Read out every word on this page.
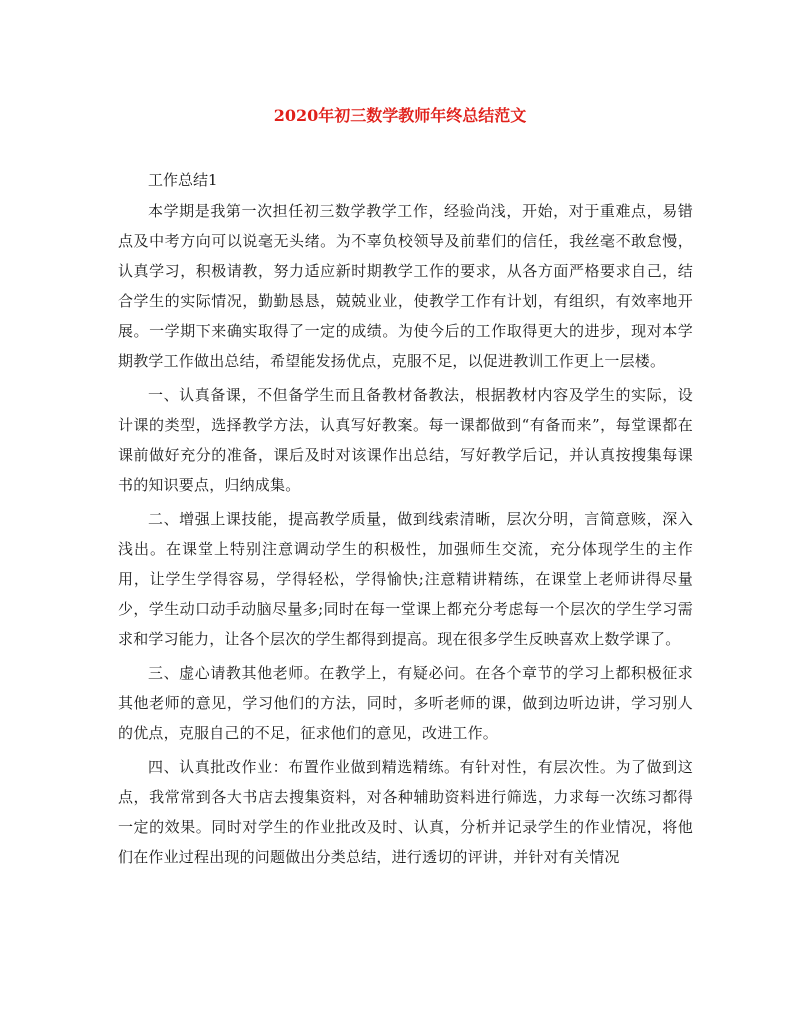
2020年初三数学教师年终总结范文

工作总结1

本学期是我第一次担任初三数学教学工作，经验尚浅，开始，对于重难点，易错点及中考方向可以说毫无头绪。为不辜负校领导及前辈们的信任，我丝毫不敢怠慢，认真学习，积极请教，努力适应新时期教学工作的要求，从各方面严格要求自己，结合学生的实际情况，勤勤恳恳，兢兢业业，使教学工作有计划，有组织，有效率地开展。一学期下来确实取得了一定的成绩。为使今后的工作取得更大的进步，现对本学期教学工作做出总结，希望能发扬优点，克服不足，以促进教训工作更上一层楼。

一、认真备课，不但备学生而且备教材备教法，根据教材内容及学生的实际，设计课的类型，选择教学方法，认真写好教案。每一课都做到“有备而来”，每堂课都在课前做好充分的准备，课后及时对该课作出总结，写好教学后记，并认真按搜集每课书的知识要点，归纳成集。

二、增强上课技能，提高教学质量，做到线索清晰，层次分明，言简意赅，深入浅出。在课堂上特别注意调动学生的积极性，加强师生交流，充分体现学生的主作用，让学生学得容易，学得轻松，学得愉快;注意精讲精练，在课堂上老师讲得尽量少，学生动口动手动脑尽量多;同时在每一堂课上都充分考虑每一个层次的学生学习需求和学习能力，让各个层次的学生都得到提高。现在很多学生反映喜欢上数学课了。

三、虚心请教其他老师。在教学上，有疑必问。在各个章节的学习上都积极征求其他老师的意见，学习他们的方法，同时，多听老师的课，做到边听边讲，学习别人的优点，克服自己的不足，征求他们的意见，改进工作。

四、认真批改作业：布置作业做到精选精练。有针对性，有层次性。为了做到这点，我常常到各大书店去搜集资料，对各种辅助资料进行筛选，力求每一次练习都得一定的效果。同时对学生的作业批改及时、认真，分析并记录学生的作业情况，将他们在作业过程出现的问题做出分类总结，进行透切的评讲，并针对有关情况
